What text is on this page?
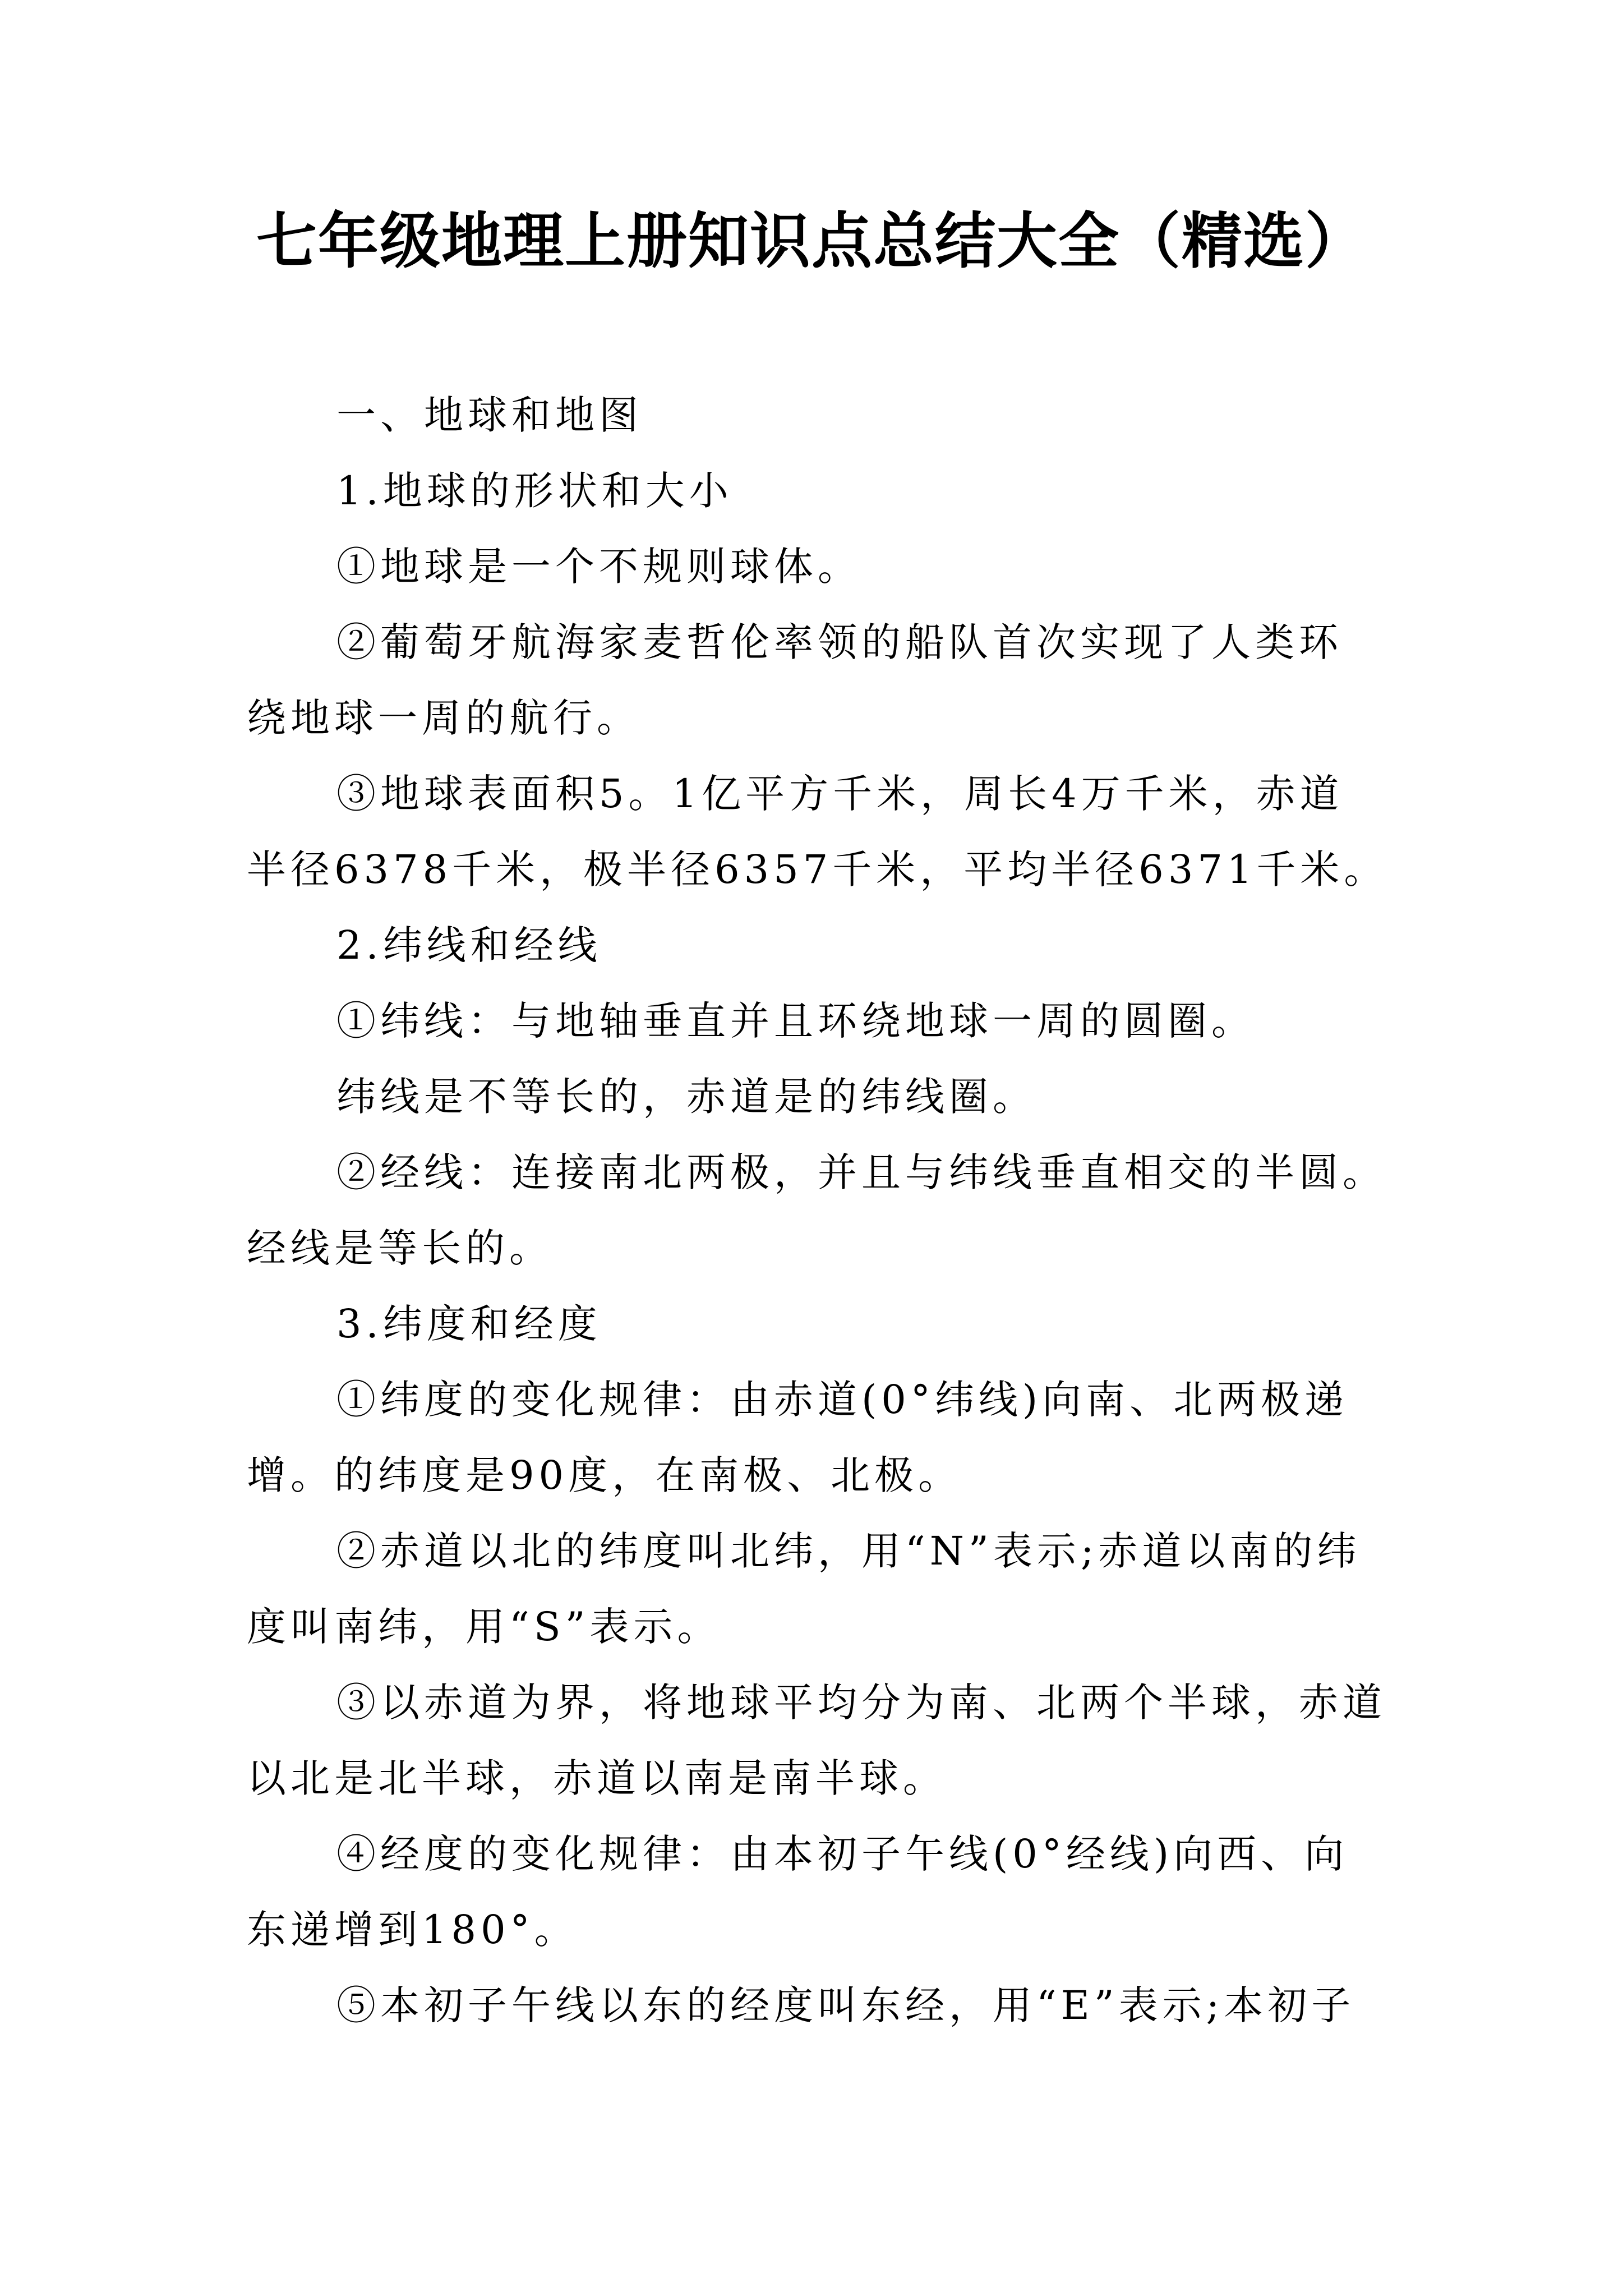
七年级地理上册知识点总结大全（精选）
一、地球和地图
1.地球的形状和大小
①地球是一个不规则球体。
②葡萄牙航海家麦哲伦率领的船队首次实现了人类环
绕地球一周的航行。
③地球表面积5。1亿平方千米，周长4万千米，赤道
半径6378千米，极半径6357千米，平均半径6371千米。
2.纬线和经线
①纬线：与地轴垂直并且环绕地球一周的圆圈。
纬线是不等长的，赤道是的纬线圈。
②经线：连接南北两极，并且与纬线垂直相交的半圆。
经线是等长的。
3.纬度和经度
①纬度的变化规律：由赤道(0°纬线)向南、北两极递
增。的纬度是90度，在南极、北极。
②赤道以北的纬度叫北纬，用“N”表示;赤道以南的纬
度叫南纬，用“S”表示。
③以赤道为界，将地球平均分为南、北两个半球，赤道
以北是北半球，赤道以南是南半球。
④经度的变化规律：由本初子午线(0°经线)向西、向
东递增到180°。
⑤本初子午线以东的经度叫东经，用“E”表示;本初子
